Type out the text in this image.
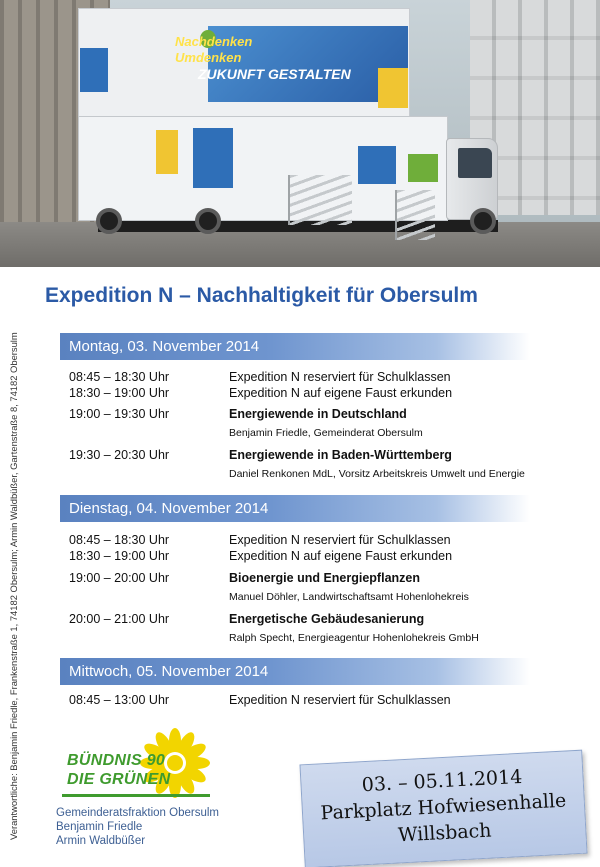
Nachdenken
Umdenken
ZUKUNFT GESTALTEN
Verantwortliche: Benjamin Friedle, Frankenstraße 1, 74182 Obersulm; Armin Waldbüßer, Gartenstraße 8, 74182 Obersulm
Expedition N – Nachhaltigkeit für Obersulm
Montag, 03. November 2014
08:45 – 18:30 Uhr	Expedition N reserviert für Schulklassen
18:30 – 19:00 Uhr	Expedition N auf eigene Faust erkunden
19:00 – 19:30 Uhr	Energiewende in Deutschland
Benjamin Friedle, Gemeinderat Obersulm
19:30 – 20:30 Uhr	Energiewende in Baden-Württemberg
Daniel Renkonen MdL, Vorsitz Arbeitskreis Umwelt und Energie
Dienstag, 04. November 2014
08:45 – 18:30 Uhr	Expedition N reserviert für Schulklassen
18:30 – 19:00 Uhr	Expedition N auf eigene Faust erkunden
19:00 – 20:00 Uhr	Bioenergie und Energiepflanzen
Manuel Döhler, Landwirtschaftsamt Hohenlohekreis
20:00 – 21:00 Uhr	Energetische Gebäudesanierung
Ralph Specht, Energieagentur Hohenlohekreis GmbH
Mittwoch, 05. November 2014
08:45 – 13:00 Uhr	Expedition N reserviert für Schulklassen
BÜNDNIS 90
DIE GRÜNEN
Gemeinderatsfraktion Obersulm
Benjamin Friedle
Armin Waldbüßer
03. – 05.11.2014
Parkplatz Hofwiesenhalle
Willsbach
